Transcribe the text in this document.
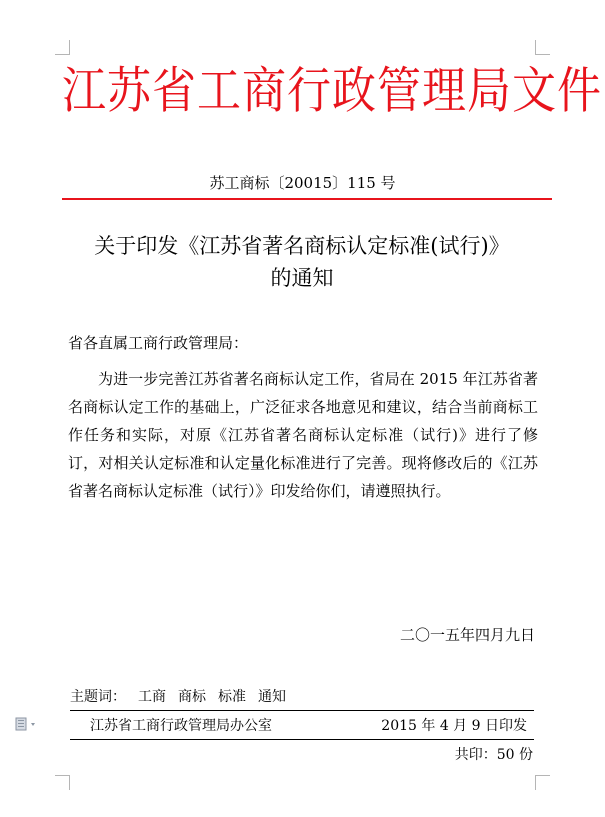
江苏省工商行政管理局文件
苏工商标〔20015〕115 号
关于印发《江苏省著名商标认定标准(试行)》
的通知
省各直属工商行政管理局：
为进一步完善江苏省著名商标认定工作，省局在 2015 年江苏省著名商标认定工作的基础上，广泛征求各地意见和建议，结合当前商标工作任务和实际，对原《江苏省著名商标认定标准（试行)》进行了修订，对相关认定标准和认定量化标准进行了完善。现将修改后的《江苏省著名商标认定标准（试行）》印发给你们，请遵照执行。
二〇一五年四月九日
主题词： 工商 商标 标准 通知
江苏省工商行政管理局办公室	2015 年 4 月 9 日印发
共印：50 份
